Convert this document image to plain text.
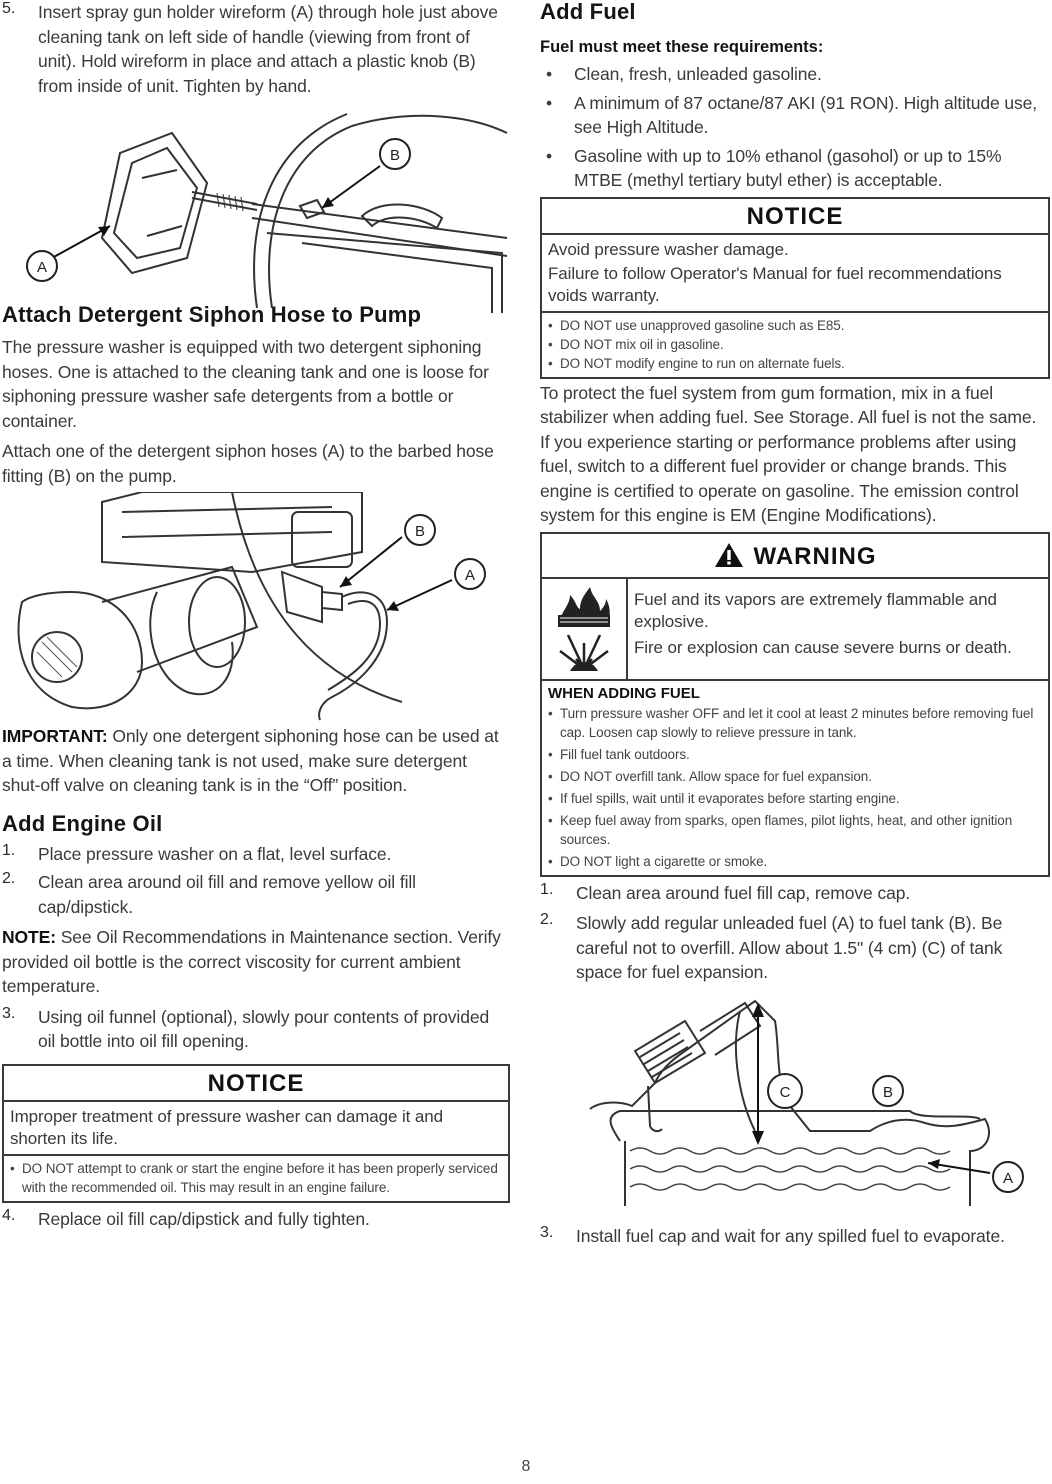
5.	Insert spray gun holder wireform (A) through hole just above cleaning tank on left side of handle (viewing from front of unit). Hold wireform in place and attach a plastic knob (B) from inside of unit. Tighten by hand.

A
B
Attach Detergent Siphon Hose to Pump

The pressure washer is equipped with two detergent siphoning hoses. One is attached to the cleaning tank and one is loose for siphoning pressure washer safe detergents from a bottle or container.

Attach one of the detergent siphon hoses (A) to the barbed hose fitting (B) on the pump.

B
A

IMPORTANT: Only one detergent siphoning hose can be used at a time. When cleaning tank is not used, make sure detergent shut-off valve on cleaning tank is in the “Off” position.

Add Engine Oil
1.	Place pressure washer on a flat, level surface.

2.	Clean area around oil fill and remove yellow oil fill cap/dipstick.

NOTE: See Oil Recommendations in Maintenance section. Verify provided oil bottle is the correct viscosity for current ambient temperature.

3.	Using oil funnel (optional), slowly pour contents of provided oil bottle into oil fill opening.

NOTICE

Improper treatment of pressure washer can damage it and shorten its life.

• DO NOT attempt to crank or start the engine before it has been properly serviced with the recommended oil. This may result in an engine failure.
4.	Replace oil fill cap/dipstick and fully tighten.

Add Fuel
Fuel must meet these requirements:
• Clean, fresh, unleaded gasoline.
• A minimum of 87 octane/87 AKI (91 RON). High altitude use, see High Altitude.
• Gasoline with up to 10% ethanol (gasohol) or up to 15% MTBE (methyl tertiary butyl ether) is acceptable.
NOTICE

Avoid pressure washer damage.

Failure to follow Operator's Manual for fuel recommendations voids warranty.

• DO NOT use unapproved gasoline such as E85.
• DO NOT mix oil in gasoline.
• DO NOT modify engine to run on alternate fuels.

To protect the fuel system from gum formation, mix in a fuel stabilizer when adding fuel. See Storage. All fuel is not the same. If you experience starting or performance problems after using fuel, switch to a different fuel provider or change brands. This engine is certified to operate on gasoline. The emission control system for this engine is EM (Engine Modifications).

WARNING

Fuel and its vapors are extremely flammable and explosive.

Fire or explosion can cause severe burns or death.

WHEN ADDING FUEL
• Turn pressure washer OFF and let it cool at least 2 minutes before removing fuel cap. Loosen cap slowly to relieve pressure in tank.
• Fill fuel tank outdoors.
• DO NOT overfill tank. Allow space for fuel expansion.
• If fuel spills, wait until it evaporates before starting engine.
• Keep fuel away from sparks, open flames, pilot lights, heat, and other ignition sources.
• DO NOT light a cigarette or smoke.
1.	Clean area around fuel fill cap, remove cap.

2.	Slowly add regular unleaded fuel (A) to fuel tank (B). Be careful not to overfill. Allow about 1.5" (4 cm) (C) of tank space for fuel expansion.

C	B
A
3.	Install fuel cap and wait for any spilled fuel to evaporate.

8
